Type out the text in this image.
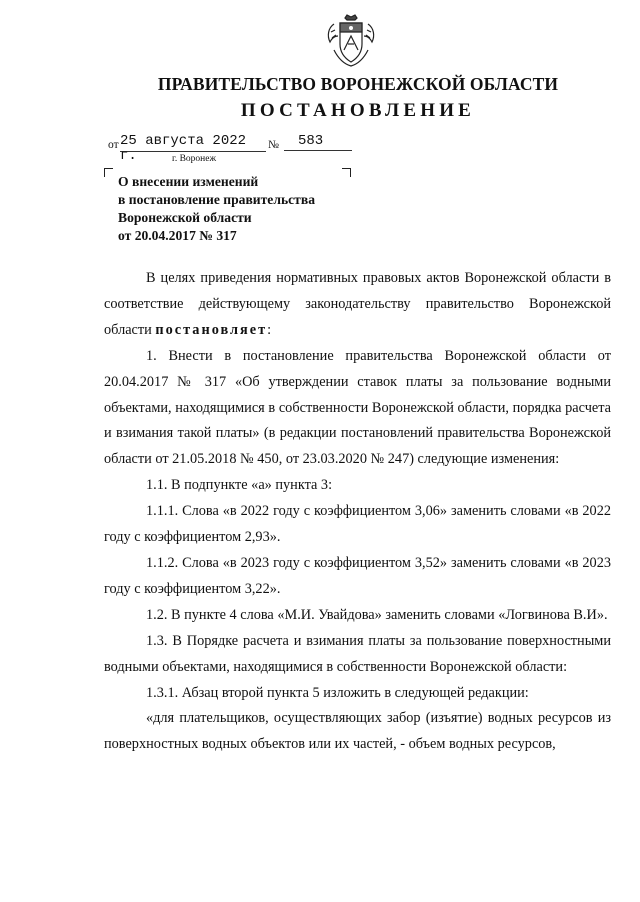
ПРАВИТЕЛЬСТВО ВОРОНЕЖСКОЙ ОБЛАСТИ
ПОСТАНОВЛЕНИЕ
от 25 августа 2022 г.
№	583
г. Воронеж
О внесении изменений
в постановление правительства
Воронежской области
от 20.04.2017 № 317

В целях приведения нормативных правовых актов Воронежской области в соответствие действующему законодательству правительство Воронежской области постановляет:

1. Внести в постановление правительства Воронежской области от 20.04.2017 № 317 «Об утверждении ставок платы за пользование водными объектами, находящимися в собственности Воронежской области, порядка расчета и взимания такой платы» (в редакции постановлений правительства Воронежской области от 21.05.2018 № 450, от 23.03.2020 № 247) следующие изменения:

1.1. В подпункте «а» пункта 3:

1.1.1. Слова «в 2022 году с коэффициентом 3,06» заменить словами «в 2022 году с коэффициентом 2,93».

1.1.2. Слова «в 2023 году с коэффициентом 3,52» заменить словами «в 2023 году с коэффициентом 3,22».

1.2. В пункте 4 слова «М.И. Увайдова» заменить словами «Логвинова В.И».

1.3. В Порядке расчета и взимания платы за пользование поверхностными водными объектами, находящимися в собственности Воронежской области:

1.3.1. Абзац второй пункта 5 изложить в следующей редакции:

«для плательщиков, осуществляющих забор (изъятие) водных ресурсов из поверхностных водных объектов или их частей, - объем водных ресурсов,
